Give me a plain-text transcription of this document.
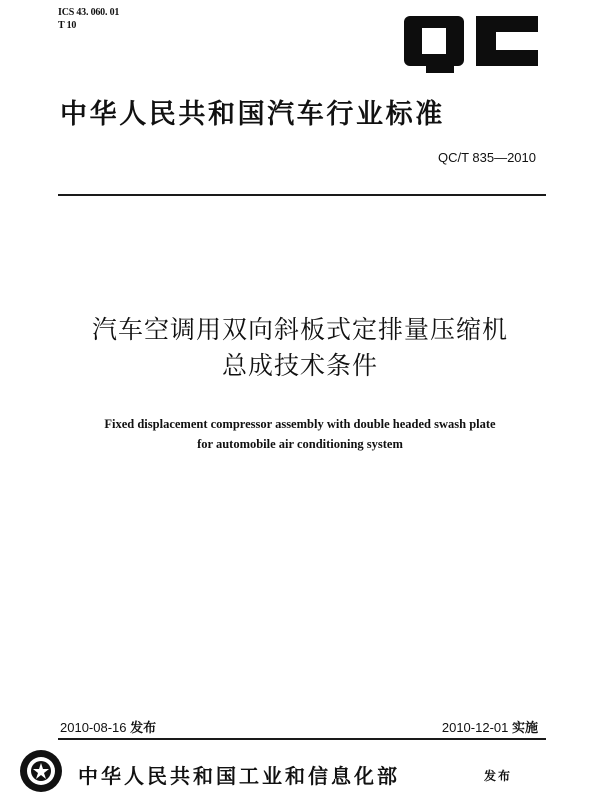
ICS 43. 060. 01
T 10
中华人民共和国汽车行业标准
QC/T 835—2010
汽车空调用双向斜板式定排量压缩机
总成技术条件
Fixed displacement compressor assembly with double headed swash plate
for automobile air conditioning system
2010-08-16 发布	2010-12-01 实施
中华人民共和国工业和信息化部	发布
